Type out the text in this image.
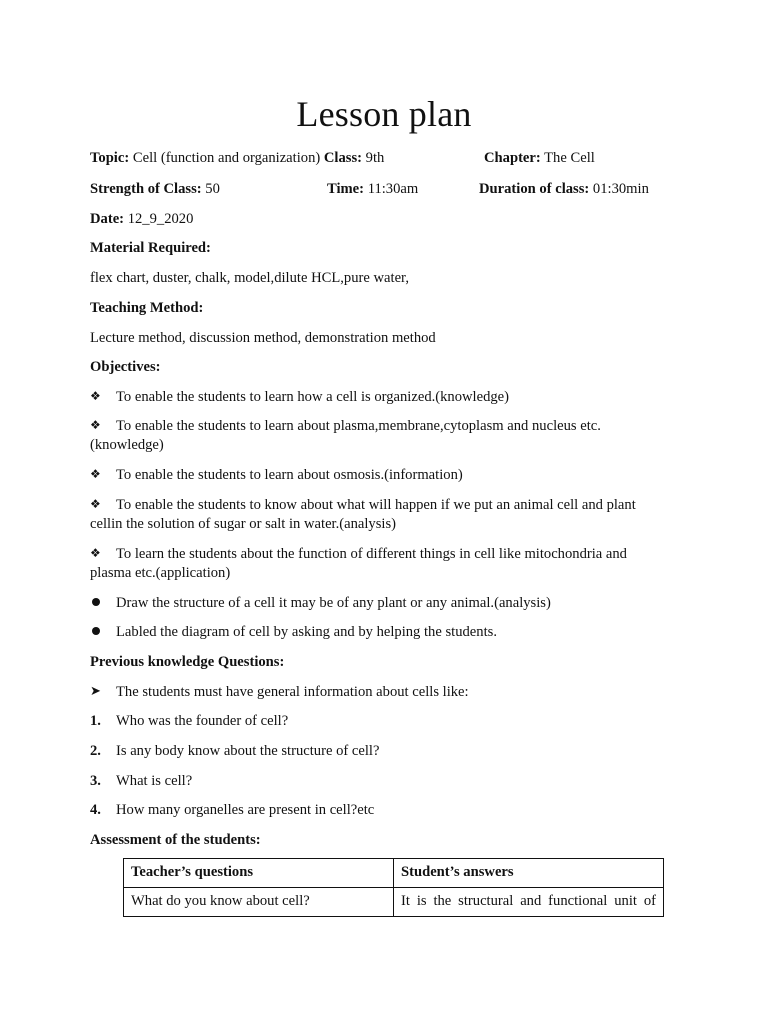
Lesson plan
Topic: Cell (function and organization) Class: 9th	Chapter: The Cell
Strength of Class: 50	Time: 11:30am	Duration of class: 01:30min
Date: 12_9_2020
Material Required:
flex chart, duster, chalk, model,dilute HCL,pure water,
Teaching Method:
Lecture method, discussion method, demonstration method
Objectives:
❖ To enable the students to learn how a cell is organized.(knowledge)
❖ To enable the students to learn about plasma,membrane,cytoplasm and nucleus etc.
(knowledge)
❖ To enable the students to learn about osmosis.(information)
❖ To enable the students to know about what will happen if we put an animal cell and plant
cellin the solution of sugar or salt in water.(analysis)
❖ To learn the students about the function of different things in cell like mitochondria and
plasma etc.(application)
Draw the structure of a cell it may be of any plant or any animal.(analysis)
Labled the diagram of cell by asking and by helping the students.
Previous knowledge Questions:
➤ The students must have general information about cells like:
1. Who was the founder of cell?
2. Is any body know about the structure of cell?
3. What is cell?
4. How many organelles are present in cell?etc
Assessment of the students:
Teacher’s questions	Student’s answers
What do you know about cell?	It is the structural and functional unit of
